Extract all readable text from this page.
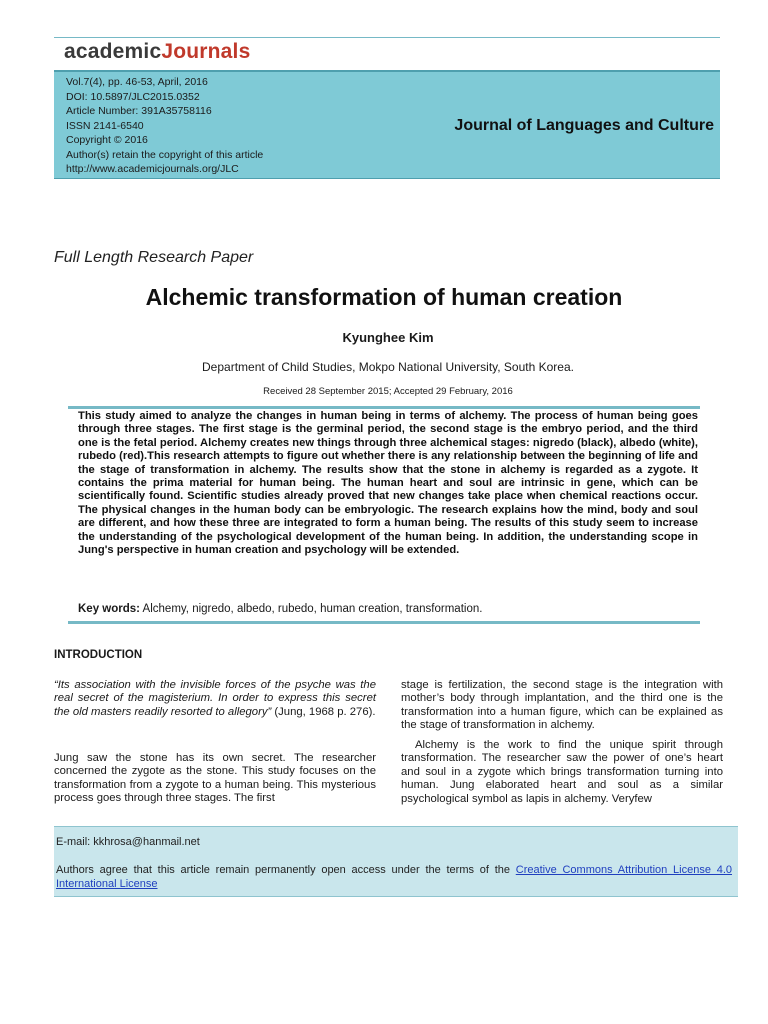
academicJournals
Vol.7(4), pp. 46-53, April, 2016
DOI: 10.5897/JLC2015.0352
Article Number: 391A35758116
ISSN 2141-6540
Copyright © 2016
Author(s) retain the copyright of this article
http://www.academicjournals.org/JLC
Journal of Languages and Culture
Full Length Research Paper
Alchemic transformation of human creation
Kyunghee Kim
Department of Child Studies, Mokpo National University, South Korea.
Received 28 September 2015; Accepted 29 February, 2016
This study aimed to analyze the changes in human being in terms of alchemy. The process of human being goes through three stages. The first stage is the germinal period, the second stage is the embryo period, and the third one is the fetal period. Alchemy creates new things through three alchemical stages: nigredo (black), albedo (white), rubedo (red).This research attempts to figure out whether there is any relationship between the beginning of life and the stage of transformation in alchemy. The results show that the stone in alchemy is regarded as a zygote. It contains the prima material for human being. The human heart and soul are intrinsic in gene, which can be scientifically found. Scientific studies already proved that new changes take place when chemical reactions occur. The physical changes in the human body can be embryologic. The research explains how the mind, body and soul are different, and how these three are integrated to form a human being. The results of this study seem to increase the understanding of the psychological development of the human being. In addition, the understanding scope in Jung's perspective in human creation and psychology will be extended.
Key words: Alchemy, nigredo, albedo, rubedo, human creation, transformation.
INTRODUCTION
“Its association with the invisible forces of the psyche was the real secret of the magisterium. In order to express this secret the old masters readily resorted to allegory” (Jung, 1968 p. 276).
Jung saw the stone has its own secret. The researcher concerned the zygote as the stone. This study focuses on the transformation from a zygote to a human being. This mysterious process goes through three stages. The first
stage is fertilization, the second stage is the integration with mother’s body through implantation, and the third one is the transformation into a human figure, which can be explained as the stage of transformation in alchemy.
Alchemy is the work to find the unique spirit through transformation. The researcher saw the power of one’s heart and soul in a zygote which brings transformation turning into human. Jung elaborated heart and soul as a similar psychological symbol as lapis in alchemy. Veryfew
E-mail: kkhrosa@hanmail.net
Authors agree that this article remain permanently open access under the terms of the Creative Commons Attribution License 4.0 International License
